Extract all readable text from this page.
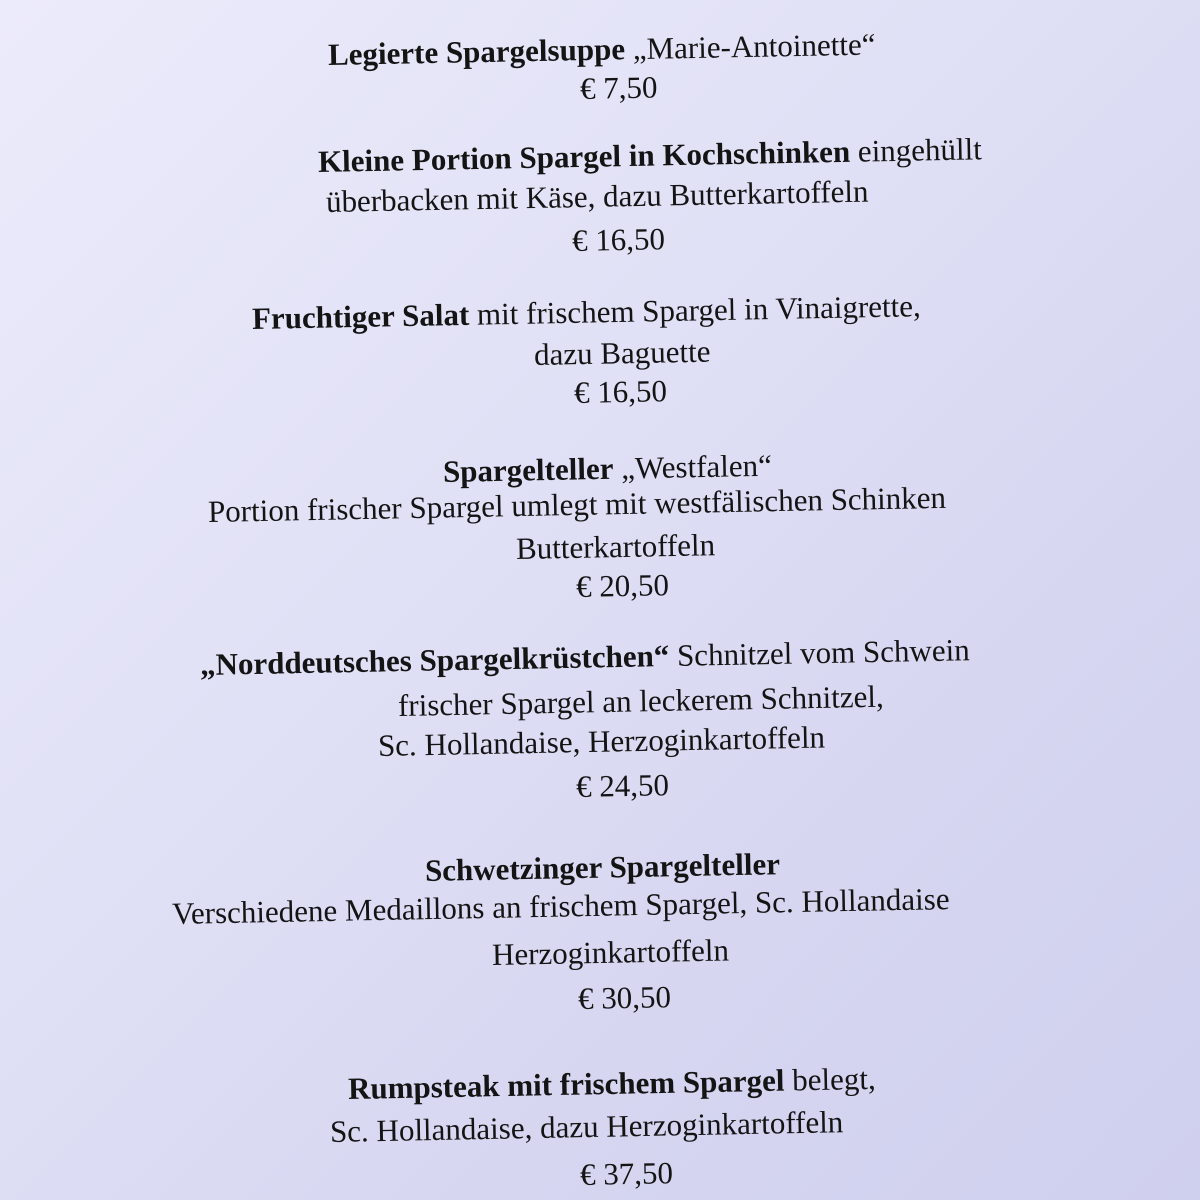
Legierte Spargelsuppe „Marie-Antoinette“
€ 7,50
Kleine Portion Spargel in Kochschinken eingehüllt
überbacken mit Käse, dazu Butterkartoffeln
€ 16,50
Fruchtiger Salat mit frischem Spargel in Vinaigrette,
dazu Baguette
€ 16,50
Spargelteller „Westfalen“
Portion frischer Spargel umlegt mit westfälischen Schinken
Butterkartoffeln
€ 20,50
„Norddeutsches Spargelkrüstchen“ Schnitzel vom Schwein
frischer Spargel an leckerem Schnitzel,
Sc. Hollandaise, Herzoginkartoffeln
€ 24,50
Schwetzinger Spargelteller
Verschiedene Medaillons an frischem Spargel, Sc. Hollandaise
Herzoginkartoffeln
€ 30,50
Rumpsteak mit frischem Spargel belegt,
Sc. Hollandaise, dazu Herzoginkartoffeln
€ 37,50
